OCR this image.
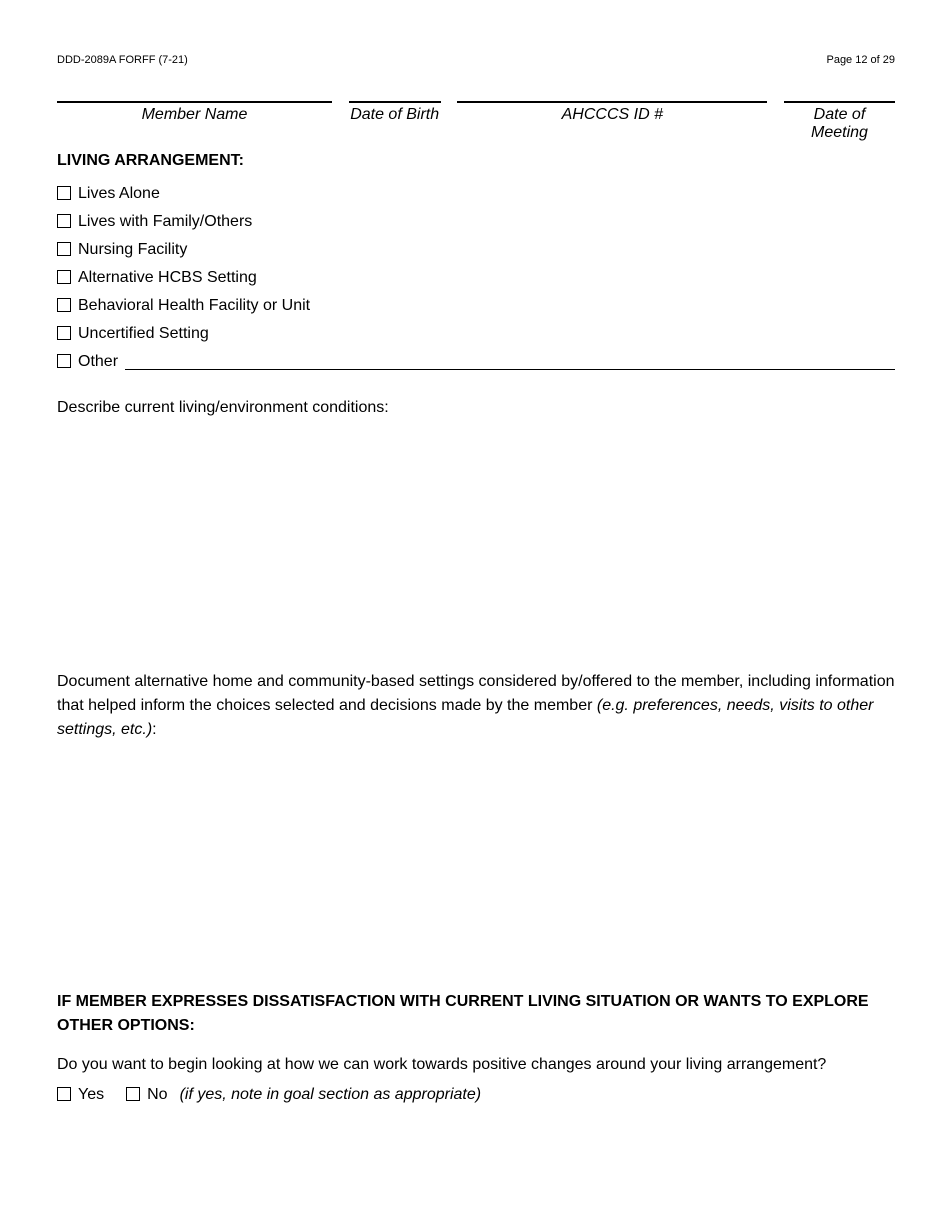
DDD-2089A FORFF (7-21)	Page 12 of 29
Member Name	Date of Birth	AHCCCS ID #	Date of Meeting
LIVING ARRANGEMENT:
Lives Alone
Lives with Family/Others
Nursing Facility
Alternative HCBS Setting
Behavioral Health Facility or Unit
Uncertified Setting
Other
Describe current living/environment conditions:
Document alternative home and community-based settings considered by/offered to the member, including information that helped inform the choices selected and decisions made by the member (e.g. preferences, needs, visits to other settings, etc.):
IF MEMBER EXPRESSES DISSATISFACTION WITH CURRENT LIVING SITUATION OR WANTS TO EXPLORE OTHER OPTIONS:
Do you want to begin looking at how we can work towards positive changes around your living arrangement?
Yes	No (if yes, note in goal section as appropriate)
